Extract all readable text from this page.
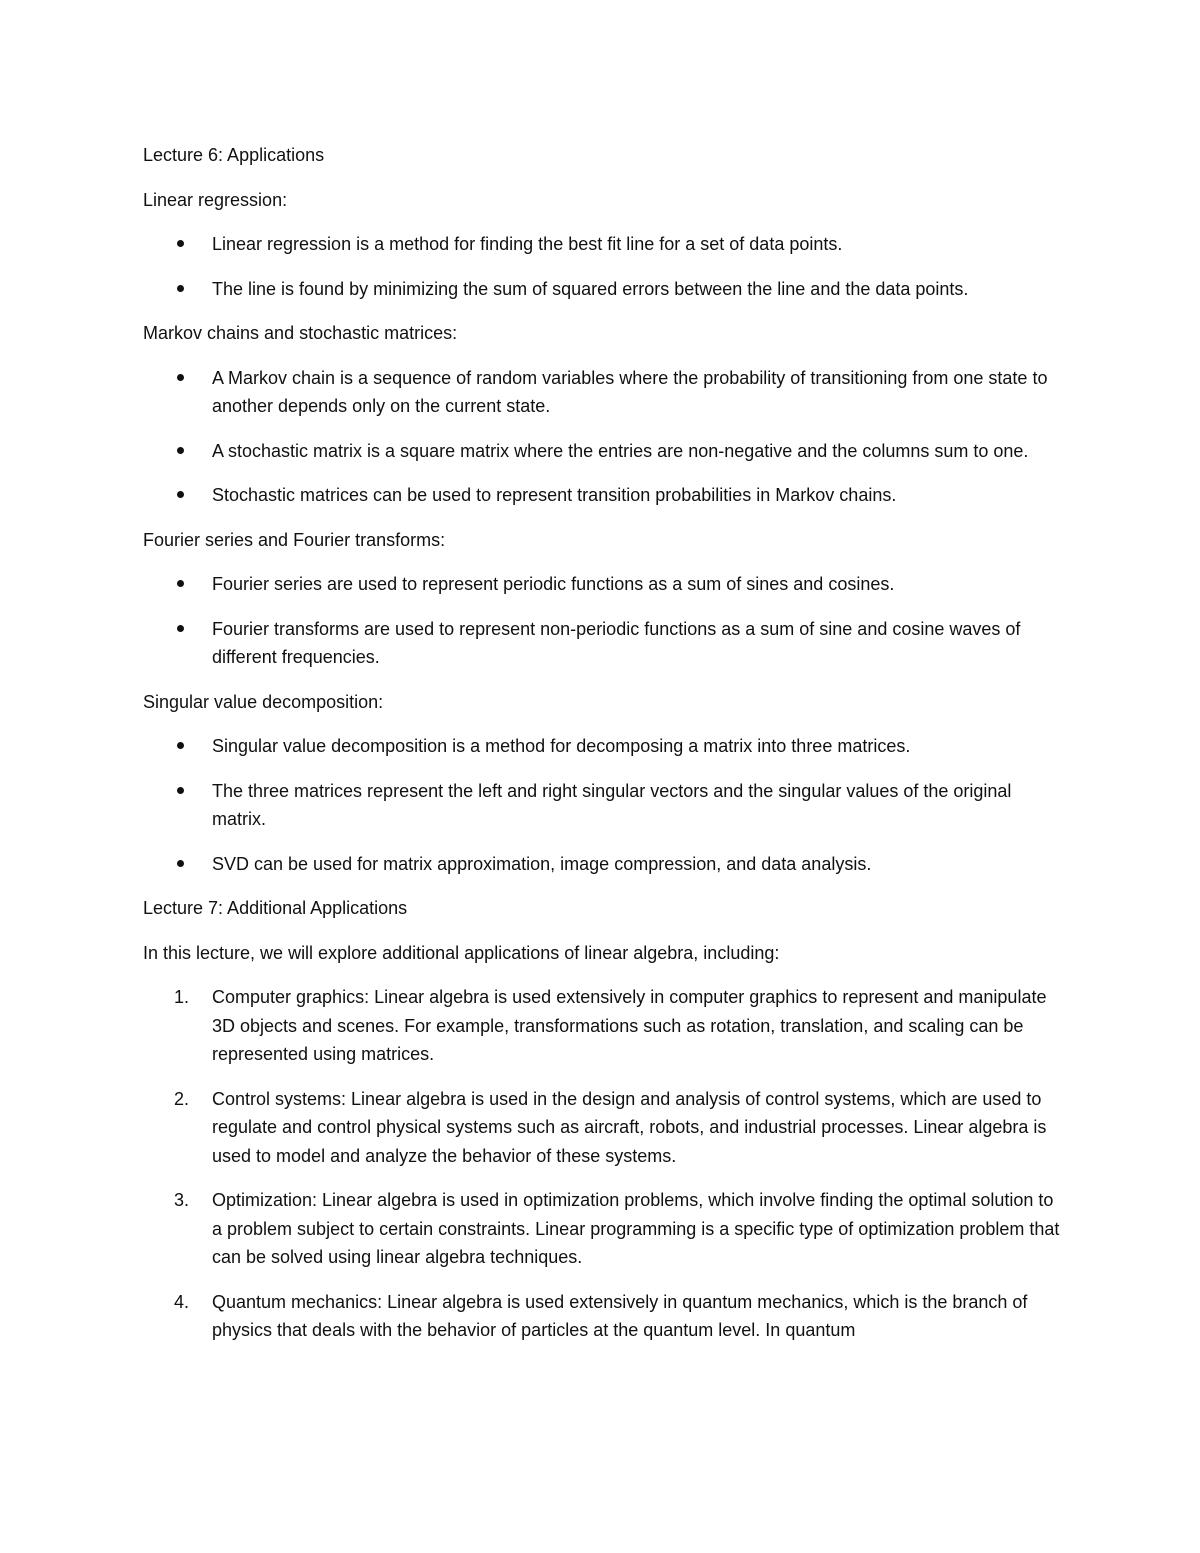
Lecture 6: Applications
Linear regression:
Linear regression is a method for finding the best fit line for a set of data points.
The line is found by minimizing the sum of squared errors between the line and the data points.
Markov chains and stochastic matrices:
A Markov chain is a sequence of random variables where the probability of transitioning from one state to another depends only on the current state.
A stochastic matrix is a square matrix where the entries are non-negative and the columns sum to one.
Stochastic matrices can be used to represent transition probabilities in Markov chains.
Fourier series and Fourier transforms:
Fourier series are used to represent periodic functions as a sum of sines and cosines.
Fourier transforms are used to represent non-periodic functions as a sum of sine and cosine waves of different frequencies.
Singular value decomposition:
Singular value decomposition is a method for decomposing a matrix into three matrices.
The three matrices represent the left and right singular vectors and the singular values of the original matrix.
SVD can be used for matrix approximation, image compression, and data analysis.
Lecture 7: Additional Applications
In this lecture, we will explore additional applications of linear algebra, including:
1. Computer graphics: Linear algebra is used extensively in computer graphics to represent and manipulate 3D objects and scenes. For example, transformations such as rotation, translation, and scaling can be represented using matrices.
2. Control systems: Linear algebra is used in the design and analysis of control systems, which are used to regulate and control physical systems such as aircraft, robots, and industrial processes. Linear algebra is used to model and analyze the behavior of these systems.
3. Optimization: Linear algebra is used in optimization problems, which involve finding the optimal solution to a problem subject to certain constraints. Linear programming is a specific type of optimization problem that can be solved using linear algebra techniques.
4. Quantum mechanics: Linear algebra is used extensively in quantum mechanics, which is the branch of physics that deals with the behavior of particles at the quantum level. In quantum
